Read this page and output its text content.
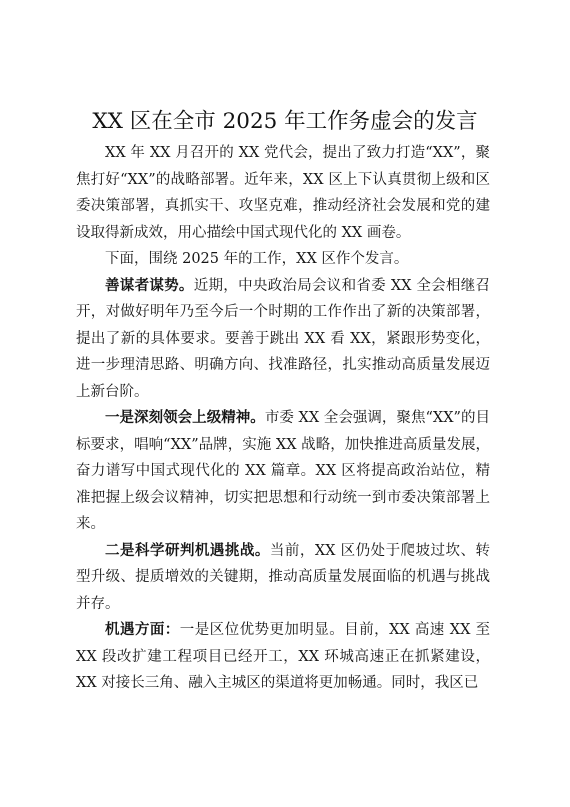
XX 区在全市 2025 年工作务虚会的发言

XX 年 XX 月召开的 XX 党代会，提出了致力打造“XX”，聚焦打好“XX”的战略部署。近年来，XX 区上下认真贯彻上级和区委决策部署，真抓实干、攻坚克难，推动经济社会发展和党的建设取得新成效，用心描绘中国式现代化的 XX 画卷。

下面，围绕 2025 年的工作，XX 区作个发言。

善谋者谋势。近期，中央政治局会议和省委 XX 全会相继召开，对做好明年乃至今后一个时期的工作作出了新的决策部署，提出了新的具体要求。要善于跳出 XX 看 XX，紧跟形势变化，进一步理清思路、明确方向、找准路径，扎实推动高质量发展迈上新台阶。

一是深刻领会上级精神。市委 XX 全会强调，聚焦“XX”的目标要求，唱响“XX”品牌，实施 XX 战略，加快推进高质量发展，奋力谱写中国式现代化的 XX 篇章。XX 区将提高政治站位，精准把握上级会议精神，切实把思想和行动统一到市委决策部署上来。

二是科学研判机遇挑战。当前，XX 区仍处于爬坡过坎、转型升级、提质增效的关键期，推动高质量发展面临的机遇与挑战并存。

机遇方面：一是区位优势更加明显。目前，XX 高速 XX 至 XX 段改扩建工程项目已经开工，XX 环城高速正在抓紧建设，XX 对接长三角、融入主城区的渠道将更加畅通。同时，我区已
